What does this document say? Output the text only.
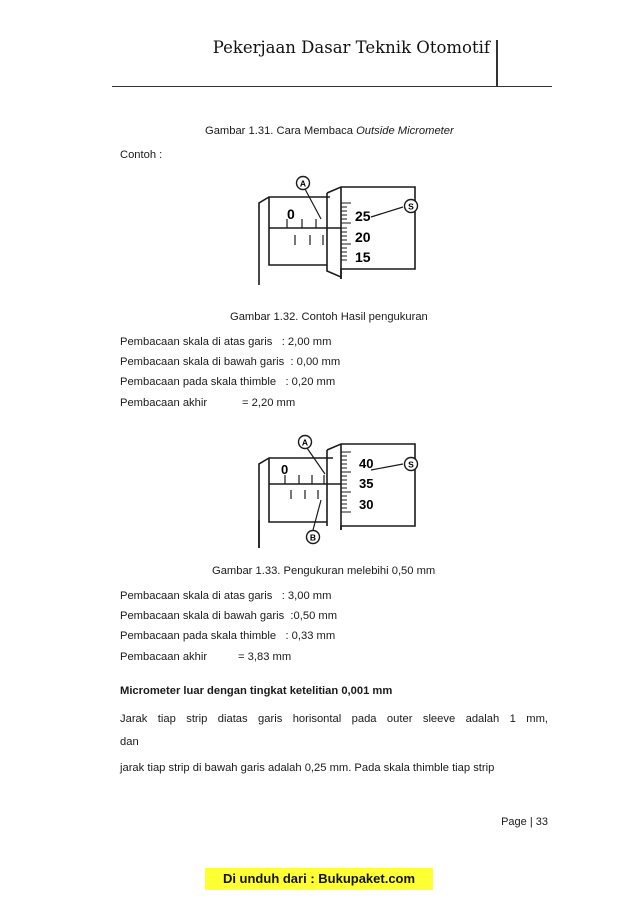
Pekerjaan Dasar Teknik Otomotif
Gambar 1.31. Cara Membaca Outside Micrometer
Contoh :
A
S
0	25
20
15
Gambar 1.32. Contoh Hasil pengukuran
Pembacaan skala di atas garis : 2,00 mm
Pembacaan skala di bawah garis : 0,00 mm
Pembacaan pada skala thimble : 0,20 mm
Pembacaan akhir	= 2,20 mm
A
S
B
0	40
35
30
Gambar 1.33. Pengukuran melebihi 0,50 mm
Pembacaan skala di atas garis : 3,00 mm
Pembacaan skala di bawah garis :0,50 mm
Pembacaan pada skala thimble : 0,33 mm
Pembacaan akhir	= 3,83 mm
Micrometer luar dengan tingkat ketelitian 0,001 mm
Jarak tiap strip diatas garis horisontal pada outer sleeve adalah 1 mm,
dan
jarak tiap strip di bawah garis adalah 0,25 mm. Pada skala thimble tiap strip
Page | 33
Di unduh dari : Bukupaket.com
